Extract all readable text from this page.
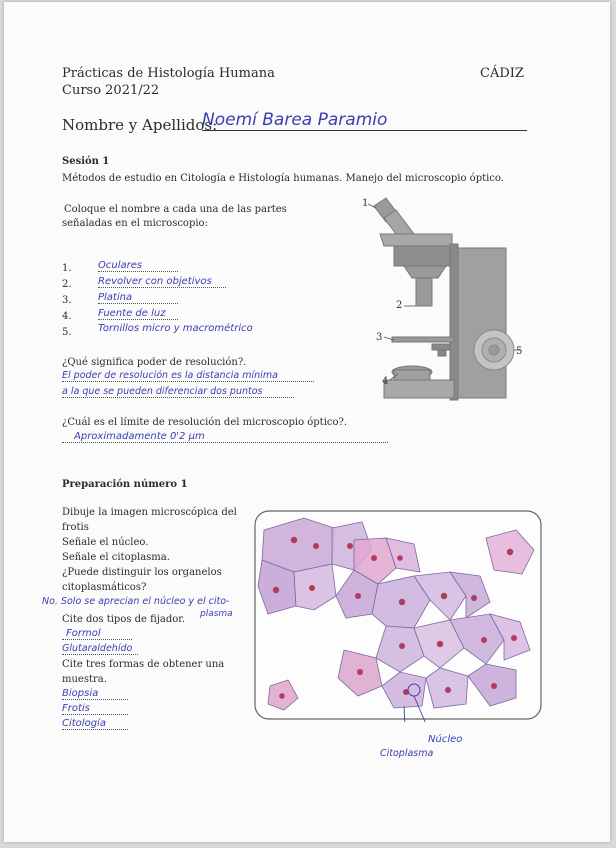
Prácticas de Histología Humana	CÁDIZ
Curso 2021/22
Nombre y Apellidos:
Noemí Barea Paramio
Sesión 1
Métodos de estudio en Citología e Histología humanas. Manejo del microscopio óptico.
Coloque el nombre a cada una de las partes
señaladas en el microscopio:
1.	Oculares
2.	Revolver con objetivos
3.	Platina
4.	Fuente de luz
5.	Tornillos micro y macrométrico
¿Qué significa poder de resolución?.
El poder de resolución es la distancia mínima
a la que se pueden diferenciar dos puntos
¿Cuál es el límite de resolución del microscopio óptico?.
Aproximadamente 0'2 µm
1
2
3
4
5
Preparación número 1
Dibuje la imagen microscópica del
frotis
Señale el núcleo.
Señale el citoplasma.
¿Puede distinguir los organelos
citoplasmáticos?
No. Solo se aprecian el núcleo y el cito-
plasma
Cite dos tipos de fijador.
Formol
Glutaraldehído
Cite tres formas de obtener una
muestra.
Biopsia
Frotis
Citología
Núcleo
Citoplasma
